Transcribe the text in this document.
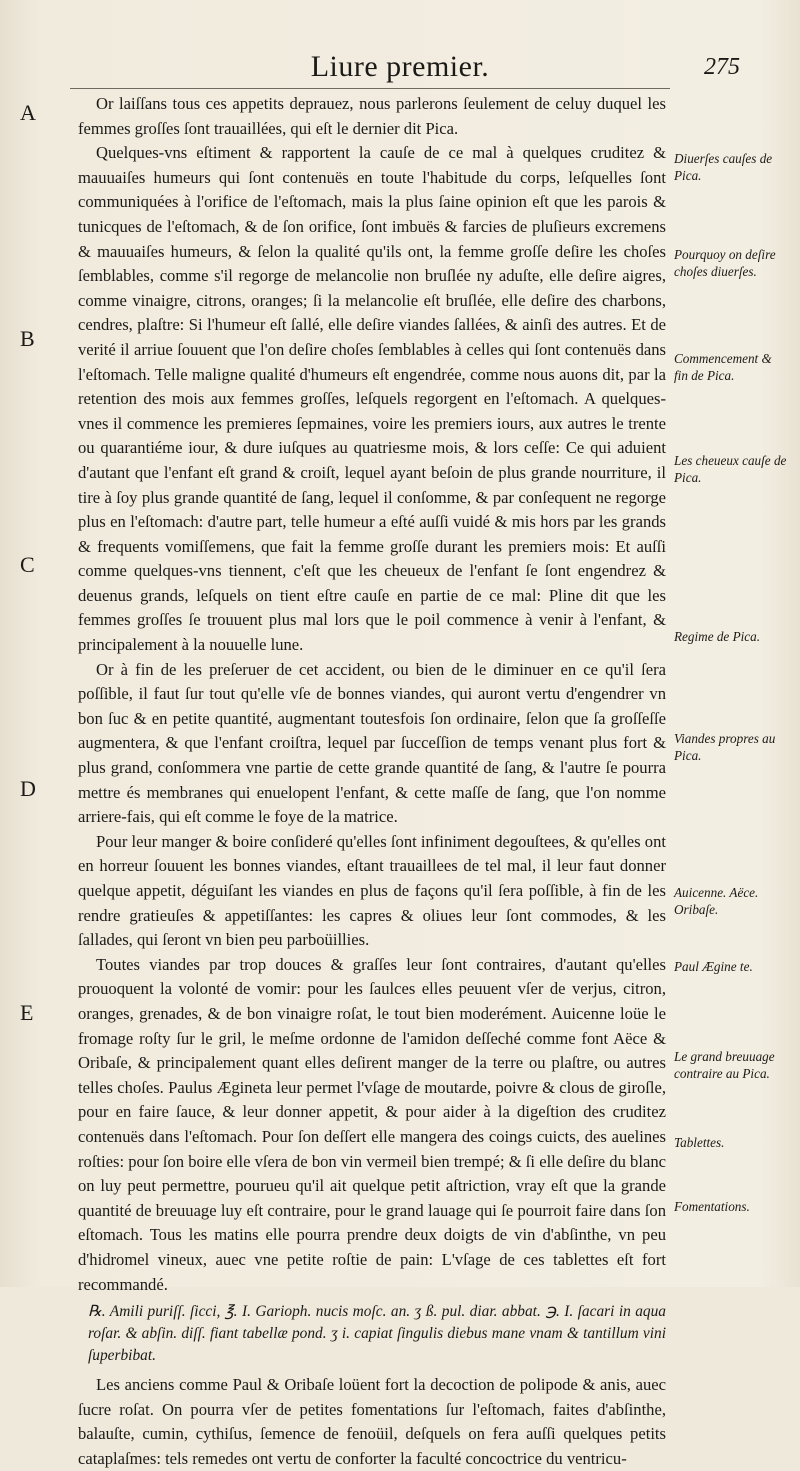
Liure premier.	275
A
B
C
D
E

Or laiſſans tous ces appetits deprauez, nous parlerons ſeulement de celuy duquel les femmes groſſes ſont trauaillées, qui eſt le dernier dit Pica.

Quelques-vns eſtiment & rapportent la cauſe de ce mal à quelques cruditez & mauuaiſes humeurs qui ſont contenuës en toute l'habitude du corps, leſquelles ſont communiquées à l'orifice de l'eſtomach, mais la plus ſaine opinion eſt que les parois & tunicques de l'eſtomach, & de ſon orifice, ſont imbuës & farcies de pluſieurs excremens & mauuaiſes humeurs, & ſelon la qualité qu'ils ont, la femme groſſe deſire les choſes ſemblables, comme s'il regorge de melancolie non bruſlée ny aduſte, elle deſire aigres, comme vinaigre, citrons, oranges; ſi la melancolie eſt bruſlée, elle deſire des charbons, cendres, plaſtre: Si l'humeur eſt ſallé, elle deſire viandes ſallées, & ainſi des autres. Et de verité il arriue ſouuent que l'on deſire choſes ſemblables à celles qui ſont contenuës dans l'eſtomach. Telle maligne qualité d'humeurs eſt engendrée, comme nous auons dit, par la retention des mois aux femmes groſſes, leſquels regorgent en l'eſtomach. A quelques-vnes il commence les premieres ſepmaines, voire les premiers iours, aux autres le trente ou quarantiéme iour, & dure iuſques au quatriesme mois, & lors ceſſe: Ce qui aduient d'autant que l'enfant eſt grand & croiſt, lequel ayant beſoin de plus grande nourriture, il tire à ſoy plus grande quantité de ſang, lequel il conſomme, & par conſequent ne regorge plus en l'eſtomach: d'autre part, telle humeur a eſté auſſi vuidé & mis hors par les grands & frequents vomiſſemens, que fait la femme groſſe durant les premiers mois: Et auſſi comme quelques-vns tiennent, c'eſt que les cheueux de l'enfant ſe ſont engendrez & deuenus grands, leſquels on tient eſtre cauſe en partie de ce mal: Pline dit que les femmes groſſes ſe trouuent plus mal lors que le poil commence à venir à l'enfant, & principalement à la nouuelle lune.

Or à fin de les preſeruer de cet accident, ou bien de le diminuer en ce qu'il ſera poſſible, il faut ſur tout qu'elle vſe de bonnes viandes, qui auront vertu d'engendrer vn bon ſuc & en petite quantité, augmentant toutesfois ſon ordinaire, ſelon que ſa groſſeſſe augmentera, & que l'enfant croiſtra, lequel par ſucceſſion de temps venant plus fort & plus grand, conſommera vne partie de cette grande quantité de ſang, & l'autre ſe pourra mettre és membranes qui enuelopent l'enfant, & cette maſſe de ſang, que l'on nomme arriere-fais, qui eſt comme le foye de la matrice.

Pour leur manger & boire conſideré qu'elles ſont infiniment degouſtees, & qu'elles ont en horreur ſouuent les bonnes viandes, eſtant trauaillees de tel mal, il leur faut donner quelque appetit, déguiſant les viandes en plus de façons qu'il ſera poſſible, à fin de les rendre gratieuſes & appetiſſantes: les capres & oliues leur ſont commodes, & les ſallades, qui ſeront vn bien peu parboüillies.

Toutes viandes par trop douces & graſſes leur ſont contraires, d'autant qu'elles prouoquent la volonté de vomir: pour les ſaulces elles peuuent vſer de verjus, citron, oranges, grenades, & de bon vinaigre roſat, le tout bien moderément. Auicenne loüe le fromage roſty ſur le gril, le meſme ordonne de l'amidon deſſeché comme font Aëce & Oribaſe, & principalement quant elles deſirent manger de la terre ou plaſtre, ou autres telles choſes. Paulus Ægineta leur permet l'vſage de moutarde, poivre & clous de giroſle, pour en faire ſauce, & leur donner appetit, & pour aider à la digeſtion des cruditez contenuës dans l'eſtomach. Pour ſon deſſert elle mangera des coings cuicts, des auelines roſties: pour ſon boire elle vſera de bon vin vermeil bien trempé; & ſi elle deſire du blanc on luy peut permettre, pourueu qu'il ait quelque petit aſtriction, vray eſt que la grande quantité de breuuage luy eſt contraire, pour le grand lauage qui ſe pourroit faire dans ſon eſtomach. Tous les matins elle pourra prendre deux doigts de vin d'abſinthe, vn peu d'hidromel vineux, auec vne petite roſtie de pain: L'vſage de ces tablettes eſt fort recommandé.

℞. Amili puriſſ. ſicci, ℥. I. Garioph. nucis moſc. an. ʒ ß. pul. diar. abbat. ℈. I. ſacari in aqua roſar. & abſin. diſſ. fiant tabellæ pond. ʒ i. capiat ſingulis diebus mane vnam & tantillum vini ſuperbibat.

Les anciens comme Paul & Oribaſe loüent fort la decoction de polipode & anis, auec ſucre roſat. On pourra vſer de petites fomentations ſur l'eſtomach, faites d'abſinthe, balauſte, cumin, cythiſus, ſemence de fenoüil, deſquels on fera auſſi quelques petits cataplaſmes: tels remedes ont vertu de conforter la faculté concoctrice du ventricu-

Diuerſes cauſes de Pica.
Pourquoy on deſire choſes diuerſes.
Commencement & fin de Pica.
Les cheueux cauſe de Pica.
Regime de Pica.
Viandes propres au Pica.
Auicenne. Aëce. Oribaſe.
Paul Ægine te.
Le grand breuuage contraire au Pica.
Tablettes.
Fomentations.
